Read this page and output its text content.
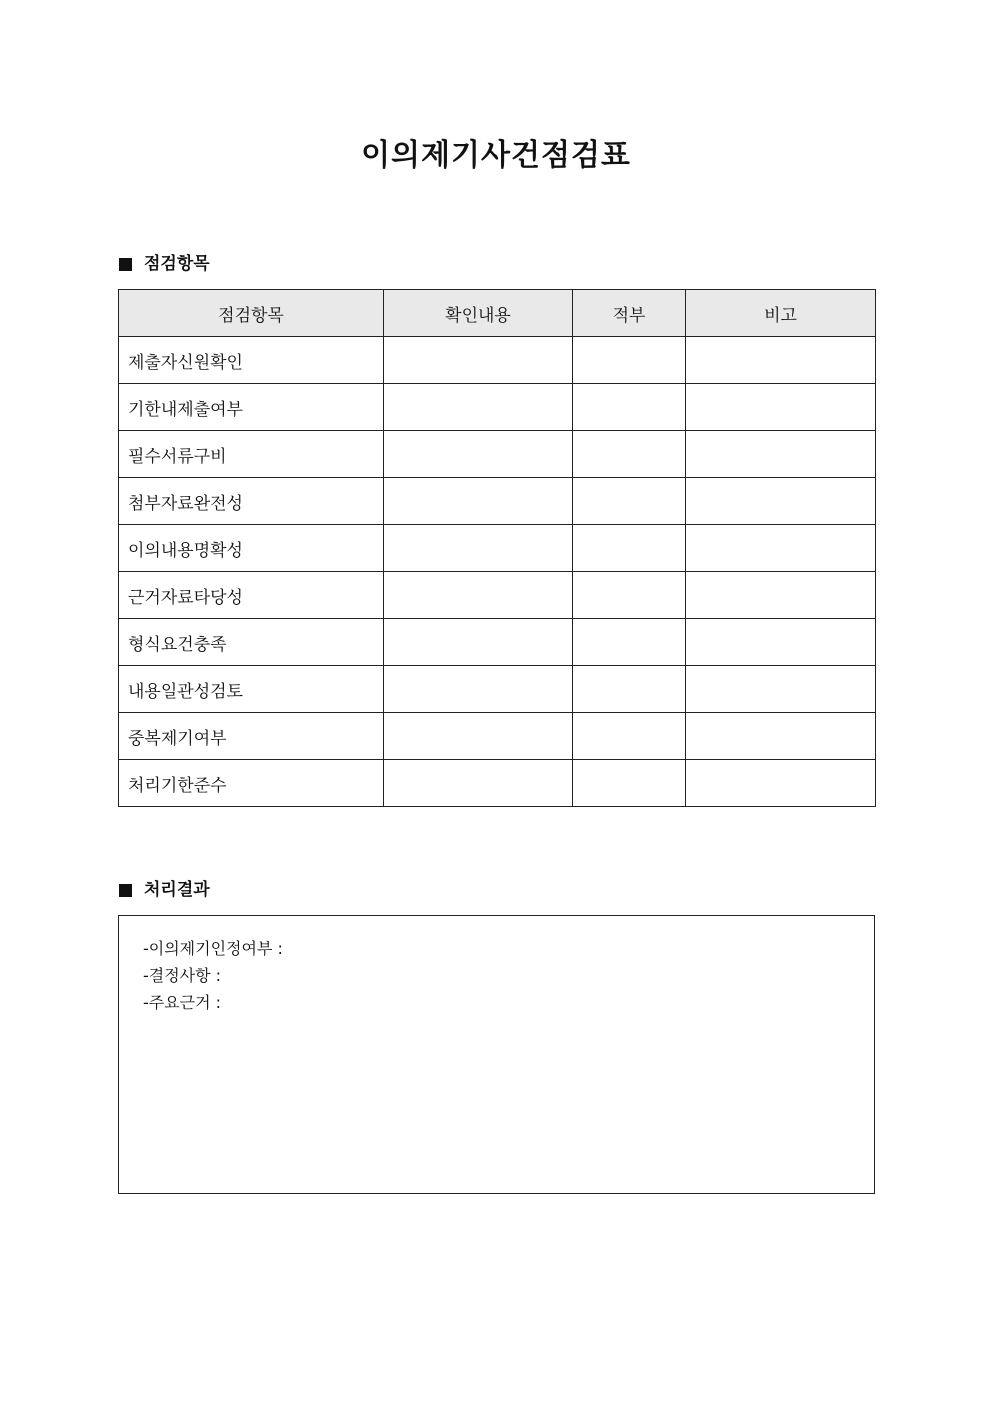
이의제기사건점검표
점검항목
점검항목	확인내용	적부	비고
제출자신원확인			
기한내제출여부			
필수서류구비			
첨부자료완전성			
이의내용명확성			
근거자료타당성			
형식요건충족			
내용일관성검토			
중복제기여부			
처리기한준수			
처리결과
-이의제기인정여부 :
-결정사항 :
-주요근거 :
